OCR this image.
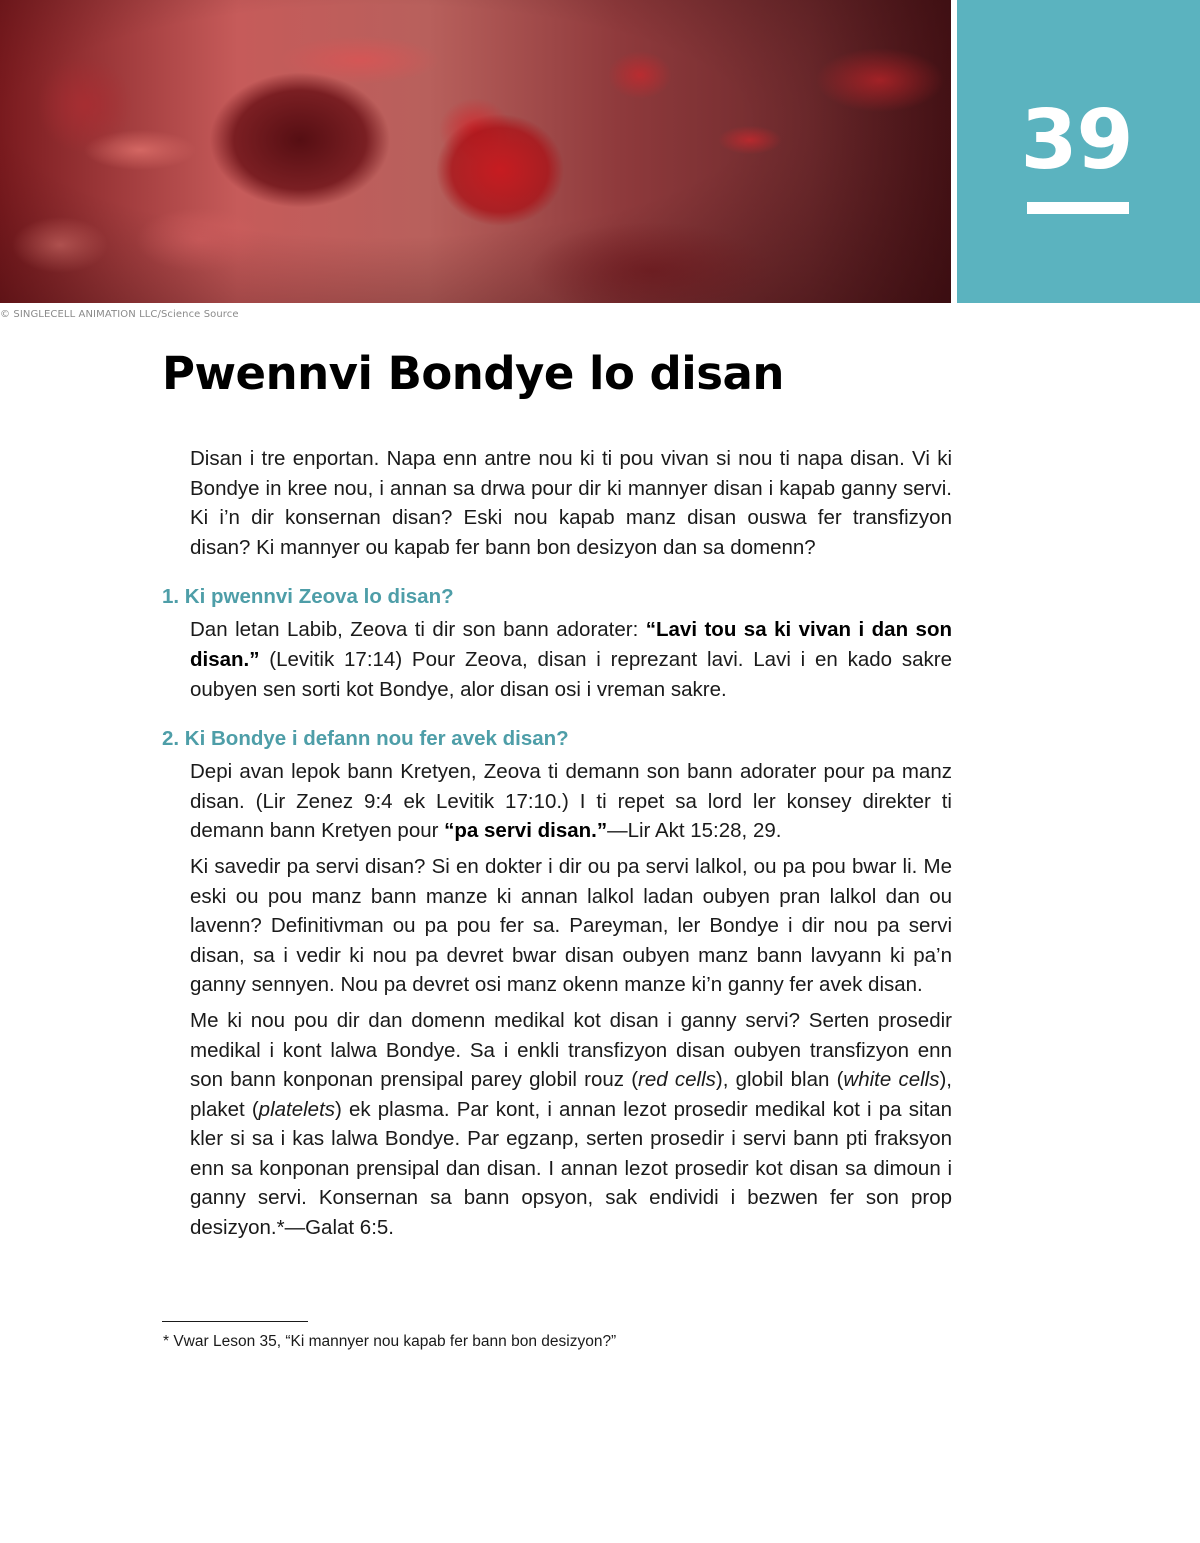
39
© SINGLECELL ANIMATION LLC/Science Source
Pwennvi Bondye lo disan

Disan i tre enportan. Napa enn antre nou ki ti pou vivan si nou ti napa disan. Vi ki Bondye in kree nou, i annan sa drwa pour dir ki mannyer disan i kapab ganny servi. Ki i’n dir konsernan disan? Eski nou kapab manz disan ouswa fer transfizyon disan? Ki mannyer ou kapab fer bann bon desizyon dan sa domenn?

1. Ki pwennvi Zeova lo disan?

Dan letan Labib, Zeova ti dir son bann adorater: “Lavi tou sa ki vivan i dan son disan.” (Levitik 17:14) Pour Zeova, disan i reprezant lavi. Lavi i en kado sakre oubyen sen sorti kot Bondye, alor disan osi i vreman sakre.

2. Ki Bondye i defann nou fer avek disan?

Depi avan lepok bann Kretyen, Zeova ti demann son bann adorater pour pa manz disan. (Lir Zenez 9:4 ek Levitik 17:10.) I ti repet sa lord ler konsey direkter ti demann bann Kretyen pour “pa servi disan.”—Lir Akt 15:28, 29.

Ki savedir pa servi disan? Si en dokter i dir ou pa servi lalkol, ou pa pou bwar li. Me eski ou pou manz bann manze ki annan lalkol ladan oubyen pran lalkol dan ou lavenn? Definitivman ou pa pou fer sa. Pareyman, ler Bondye i dir nou pa servi disan, sa i vedir ki nou pa devret bwar disan oubyen manz bann lavyann ki pa’n ganny sennyen. Nou pa devret osi manz okenn manze ki’n ganny fer avek disan.

Me ki nou pou dir dan domenn medikal kot disan i ganny servi? Serten prosedir medikal i kont lalwa Bondye. Sa i enkli transfizyon disan oubyen transfizyon enn son bann konponan prensipal parey globil rouz (red cells), globil blan (white cells), plaket (platelets) ek plasma. Par kont, i annan lezot prosedir medikal kot i pa sitan kler si sa i kas lalwa Bondye. Par egzanp, serten prosedir i servi bann pti fraksyon enn sa konponan prensipal dan disan. I annan lezot prosedir kot disan sa dimoun i ganny servi. Konsernan sa bann opsyon, sak endividi i bezwen fer son prop desizyon.*—Galat 6:5.

* Vwar Leson 35, “Ki mannyer nou kapab fer bann bon desizyon?”
